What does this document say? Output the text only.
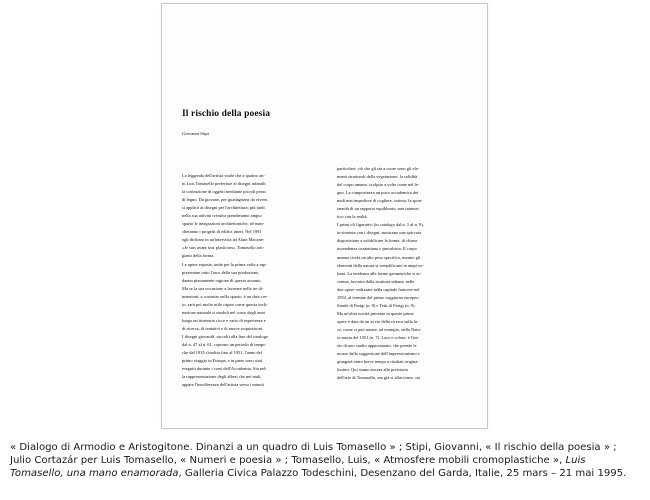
Il rischio della poesia
Giovanni Stipi
La leggenda dell'artista vuole che a quattro an-
ni Luis Tomasello preferisse ai disegni infantili
la costruzione di oggetti mediante piccoli pezzi
di legno. Da giovane, per guadagnarsi da vivere,
si applicò ai disegni per l'architettura; più tardi
nella sua attività creativa prenderanno ampio
spazio le integrazioni architettoniche, né man-
cheranno i progetti di edifici interi. Nel 1991
egli dichiara in un'intervista ad Alain Macaire:
«Je suis avant tout plasticien». Tomasello arti-
giano della forma.
Le opere esposte, unite per la prima volta a rap-
presentare tutto l'arco della sua produzione,
danno pienamente ragione di questo assunto.
Ma se la sua vocazione a lavorare nelle tre di-
mensioni, a costruire nello spazio, è un dato cer-
to, sarà poi molto utile capire come questa incli-
nazione naturale si moduli nel corso degli anni
lungo un itinerario ricco e vario di esperienze e
di ricerca, di tentativi e di nuove acquisizioni.
I disegni giovanili, raccolti alla fine del catalogo
dal n. 47 al n. 61, coprono un periodo di tempo
che dal 1935 s'inoltra fino al 1951, l'anno del
primo viaggio in Europa, e in parte sono stati
eseguiti durante i corsi dell'Accademia. Sia nel-
la rappresentazione degli alberi che nei nudi,
appare l'insofferenza dell'artista verso i minuti
particolari: ciò che gli sta a cuore sono gli ele-
menti strutturali della vegetazione, la solidità
del corpo umano, scolpito a volte come nel le-
gno. La compostezza un poco accademica dei
nudi non impedisce di cogliere, sottesa, la spon-
taneità di un rapporto equilibrato, non trauma-
tico con la realtà.
I primi oli figurativi (in catalogo dal n. 1 al n. 9),
in sintonia con i disegni, mostrano una spiccata
disposizione a solidificare la forma, di chiara
ascendenza cezanniana o precubista. Il corpo
umano rivela un alto peso specifico, mentre gli
elementi della natura si semplificano in ampi vo-
lumi. La tendenza alle forme geometriche si ac-
centua, favorita dalla struttura urbana, nelle
due opere realizzate nella capitale francese nel
1952, al termine del primo soggiorno europeo:
Strade di Parigi (n. 8) e Tetti di Parigi (n. 9).
Ma un'altra novità presente in queste prime
opere è data da un avvio della ricerca sulla lu-
ce, come si può notare, ad esempio, nella Natu-
ra morta del 1951 (n. 7). Luce e colore: è l'ini-
zio di uno studio appassionato, che prende le
mosse dalla suggestione dell'impressionismo e
giungerà entro breve tempo a risultati origina-
lissimi. Qui siamo ancora alla preistoria
dell'arte di Tomasello, ma già si affacciano, sia

« Dialogo di Armodio e Aristogitone. Dinanzi a un quadro di Luis Tomasello » ; Stipi, Giovanni, « Il rischio della poesia » ; Julio Cortazár per Luis Tomasello, « Numeri e poesia » ; Tomasello, Luis, « Atmosfere mobili cromoplastiche », Luis Tomasello, una mano enamorada, Galleria Civica Palazzo Todeschini, Desenzano del Garda, Italie, 25 mars – 21 mai 1995.
